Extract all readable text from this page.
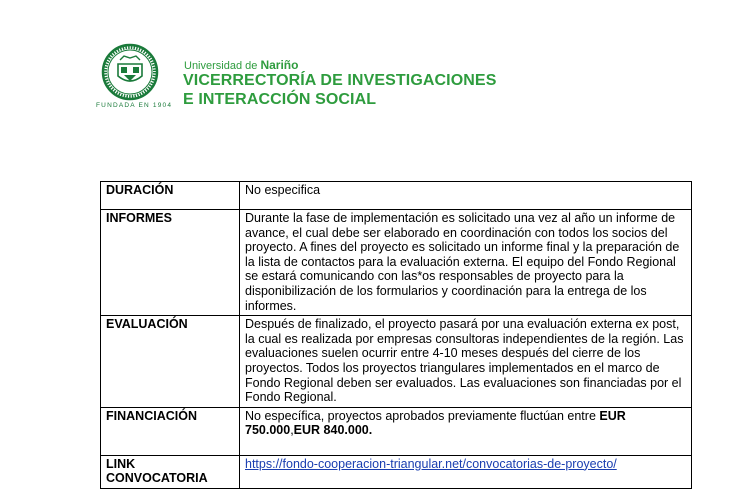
FUNDADA EN 1904
Universidad de Nariño
VICERRECTORÍA DE INVESTIGACIONES
E INTERACCIÓN SOCIAL
DURACIÓN	No especifica
INFORMES	Durante la fase de implementación es solicitado una vez al año un informe de avance, el cual debe ser elaborado en coordinación con todos los socios del proyecto. A fines del proyecto es solicitado un informe final y la preparación de la lista de contactos para la evaluación externa. El equipo del Fondo Regional se estará comunicando con las*os responsables de proyecto para la disponibilización de los formularios y coordinación para la entrega de los informes.
EVALUACIÓN	Después de finalizado, el proyecto pasará por una evaluación externa ex post, la cual es realizada por empresas consultoras independientes de la región. Las evaluaciones suelen ocurrir entre 4-10 meses después del cierre de los proyectos. Todos los proyectos triangulares implementados en el marco de Fondo Regional deben ser evaluados. Las evaluaciones son financiadas por el Fondo Regional.
FINANCIACIÓN	No específica, proyectos aprobados previamente fluctúan entre EUR 750.000,EUR 840.000.
LINK CONVOCATORIA	https://fondo-cooperacion-triangular.net/convocatorias-de-proyecto/
